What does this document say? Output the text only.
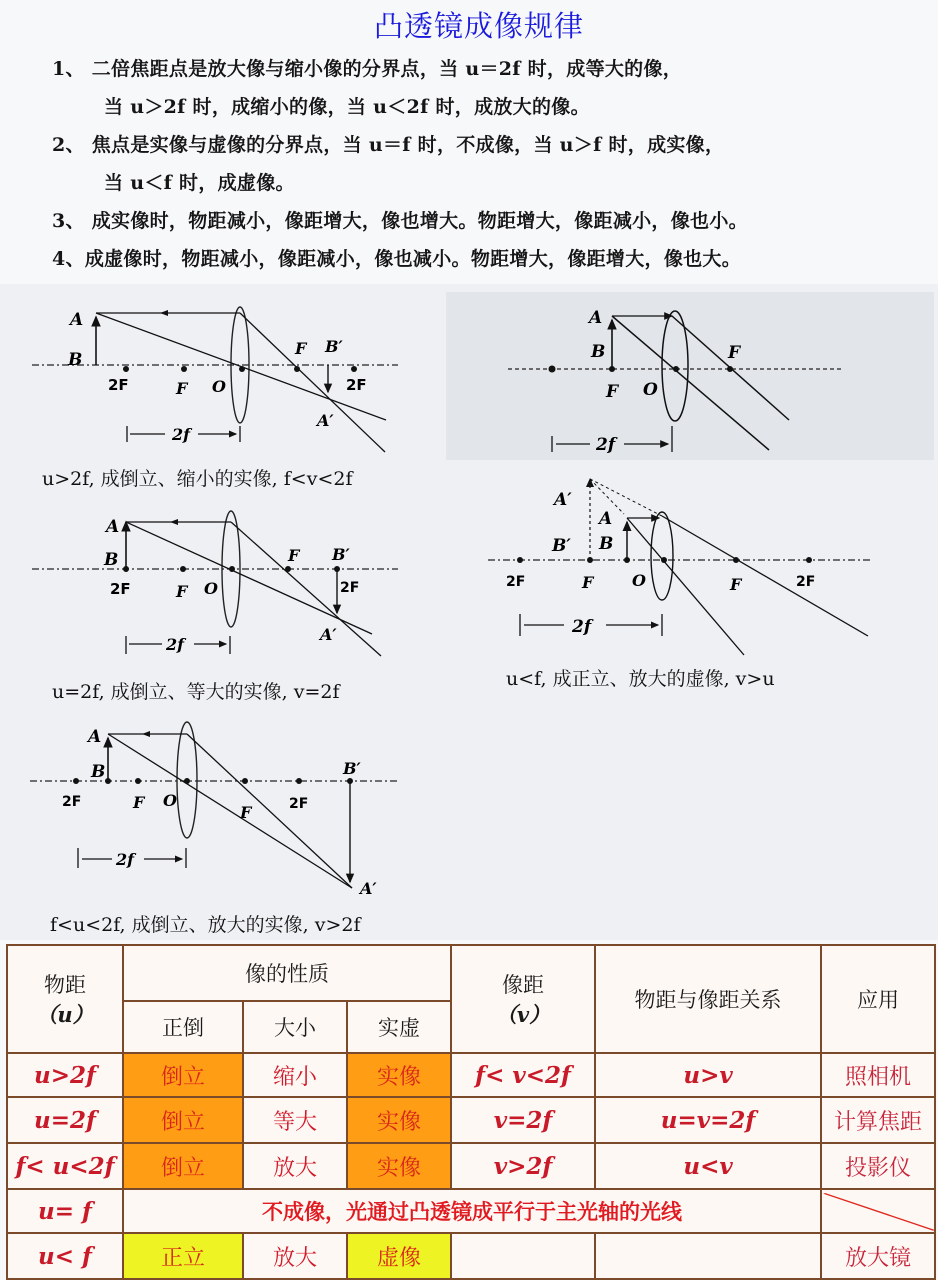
凸透镜成像规律
1、 二倍焦距点是放大像与缩小像的分界点，当 u＝2f 时，成等大的像，
当 u＞2f 时，成缩小的像，当 u＜2f 时，成放大的像。
2、 焦点是实像与虚像的分界点，当 u＝f 时，不成像，当 u＞f 时，成实像，
当 u＜f 时，成虚像。
3、 成实像时，物距减小，像距增大，像也增大。物距增大，像距减小，像也小。
4、成虚像时，物距减小，像距减小，像也减小。物距增大，像距增大，像也大。
A
B
2F	F O
F B′
2F
A′
2f
u>2f, 成倒立、缩小的实像, f<v<2f
A
B
F O
F
2f
A
B
2F	F O
F B′
2F
A′
2f
u=2f, 成倒立、等大的实像, v=2f
A′
B′
A
B
2F	F O	F	2F
2f
u<f, 成正立、放大的虚像, v>u
A
B
2F	F O
F	2F
B′
A′
2f
f<u<2f, 成倒立、放大的实像, v>2f
物距
（u）
	像的性质	像距
（v）
	物距与像距关系	应用
	正倒	大小	实虚			
u>2f	倒立	缩小	实像	f< v<2f	u>v	照相机
u=2f	倒立	等大	实像	v=2f	u=v=2f	计算焦距
f< u<2f	倒立	放大	实像	v>2f	u<v	投影仪
u= f	不成像，光通过凸透镜成平行于主光轴的光线	

u< f	正立	放大	虚像			放大镜
